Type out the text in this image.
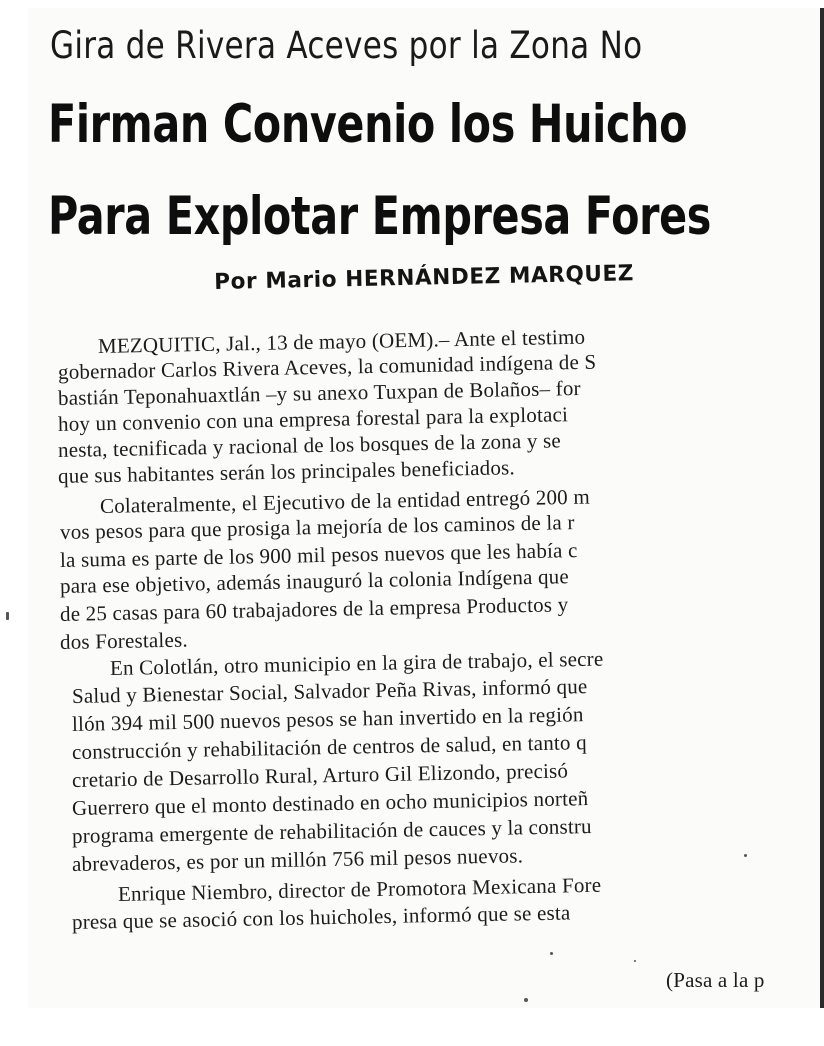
Gira de Rivera Aceves por la Zona No

Firman Convenio los Huicho

Para Explotar Empresa Fores

Por Mario HERNÁNDEZ MARQUEZ

MEZQUITIC, Jal., 13 de mayo (OEM).– Ante el testimo
gobernador Carlos Rivera Aceves, la comunidad indígena de S
bastián Teponahuaxtlán –y su anexo Tuxpan de Bolaños– for
hoy un convenio con una empresa forestal para la explotaci
nesta, tecnificada y racional de los bosques de la zona y se
que sus habitantes serán los principales beneficiados.
Colateralmente, el Ejecutivo de la entidad entregó 200 m
vos pesos para que prosiga la mejoría de los caminos de la r
la suma es parte de los 900 mil pesos nuevos que les había c
para ese objetivo, además inauguró la colonia Indígena que
de 25 casas para 60 trabajadores de la empresa Productos y
dos Forestales.
En Colotlán, otro municipio en la gira de trabajo, el secre
Salud y Bienestar Social, Salvador Peña Rivas, informó que
llón 394 mil 500 nuevos pesos se han invertido en la región
construcción y rehabilitación de centros de salud, en tanto q
cretario de Desarrollo Rural, Arturo Gil Elizondo, precisó
Guerrero que el monto destinado en ocho municipios norteñ
programa emergente de rehabilitación de cauces y la constru
abrevaderos, es por un millón 756 mil pesos nuevos.
Enrique Niembro, director de Promotora Mexicana Fore
presa que se asoció con los huicholes, informó que se esta

(Pasa a la p
